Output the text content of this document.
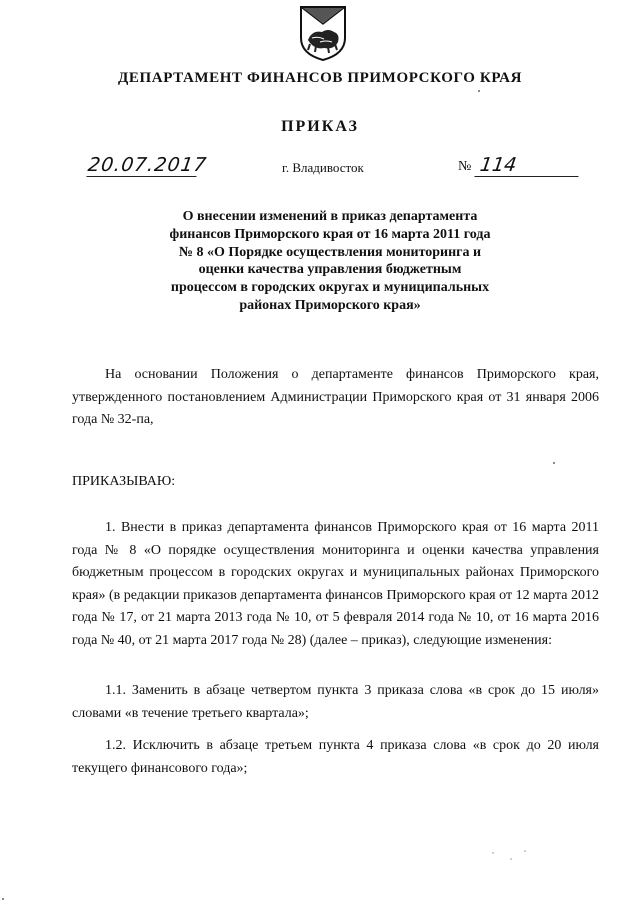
ДЕПАРТАМЕНТ ФИНАНСОВ ПРИМОРСКОГО КРАЯ
ПРИКАЗ
20.07.2017	г. Владивосток	№ 114
О внесении изменений в приказ департамента
финансов Приморского края от 16 марта 2011 года
№ 8 «О Порядке осуществления мониторинга и
оценки качества управления бюджетным
процессом в городских округах и муниципальных
районах Приморского края»

На основании Положения о департаменте финансов Приморского края, утвержденного постановлением Администрации Приморского края от 31 января 2006 года № 32-па,

ПРИКАЗЫВАЮ:

1. Внести в приказ департамента финансов Приморского края от 16 марта 2011 года № 8 «О порядке осуществления мониторинга и оценки качества управления бюджетным процессом в городских округах и муниципальных районах Приморского края» (в редакции приказов департамента финансов Приморского края от 12 марта 2012 года № 17, от 21 марта 2013 года № 10, от 5 февраля 2014 года № 10, от 16 марта 2016 года № 40, от 21 марта 2017 года № 28) (далее – приказ), следующие изменения:

1.1. Заменить в абзаце четвертом пункта 3 приказа слова «в срок до 15 июля» словами «в течение третьего квартала»;

1.2. Исключить в абзаце третьем пункта 4 приказа слова «в срок до 20 июля текущего финансового года»;
